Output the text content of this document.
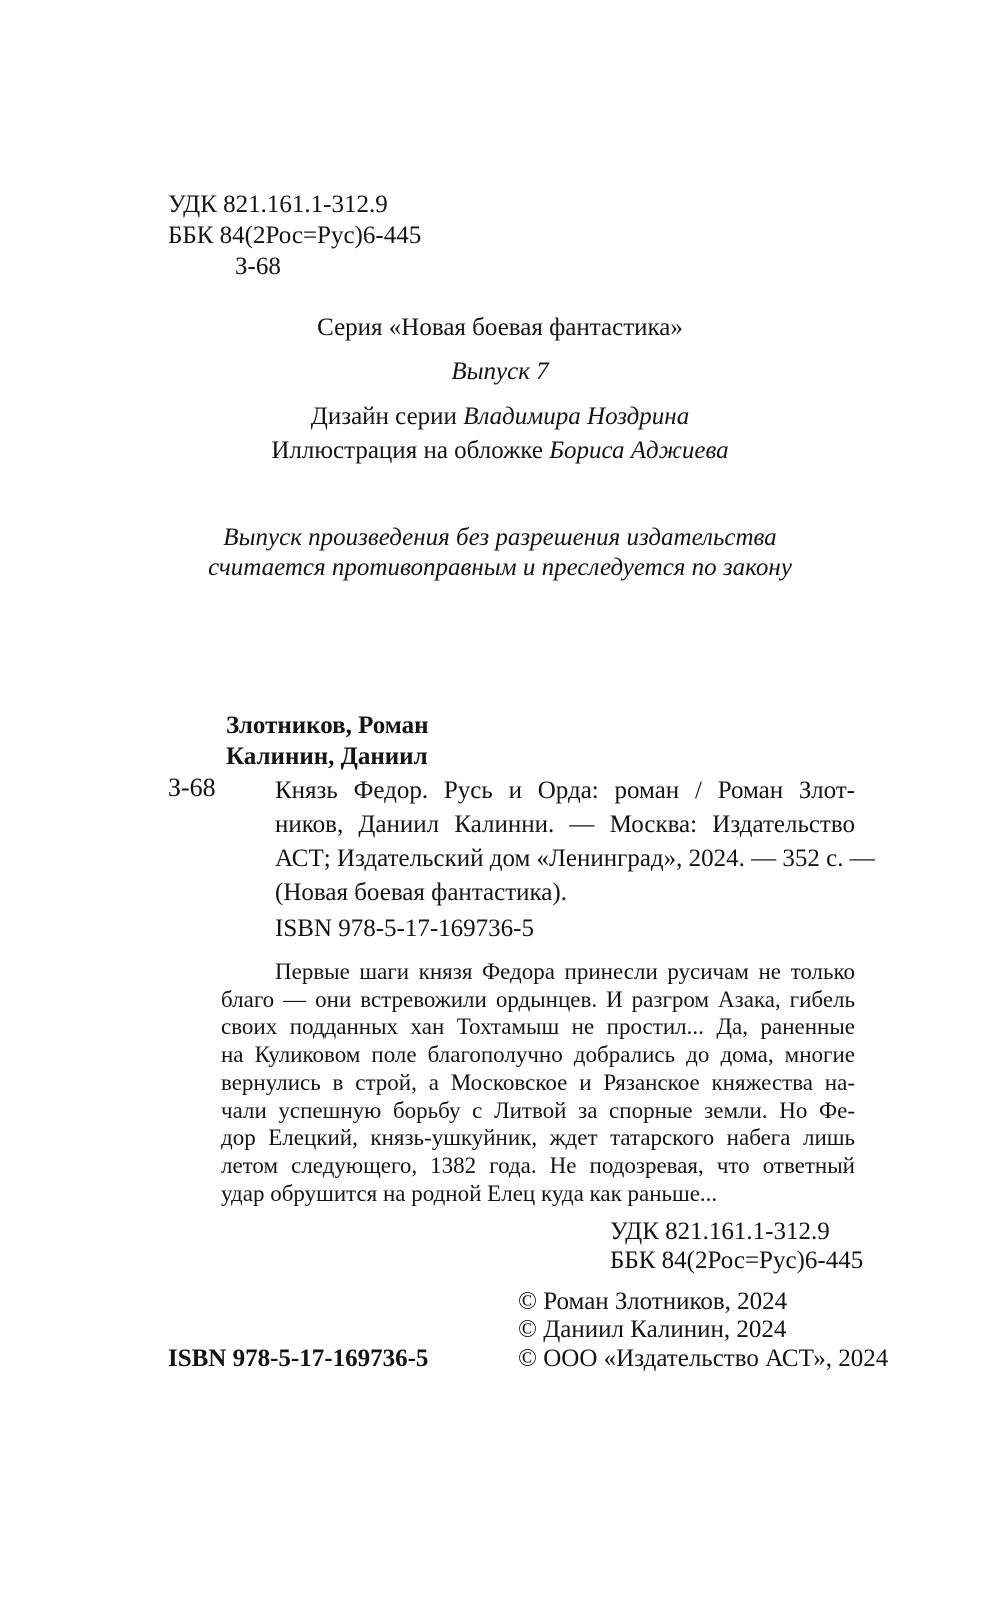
УДК 821.161.1-312.9
ББК 84(2Рос=Рус)6-445
З-68
Серия «Новая боевая фантастика»
Выпуск 7
Дизайн серии Владимира Ноздрина
Иллюстрация на обложке Бориса Аджиева
Выпуск произведения без разрешения издательства
считается противоправным и преследуется по закону
Злотников, Роман
Калинин, Даниил
З-68 Князь Федор. Русь и Орда: роман / Роман Злот-
ников, Даниил Калинни. — Москва: Издательство
АСТ; Издательский дом «Ленинград», 2024. — 352 с. —
(Новая боевая фантастика).
ISBN 978-5-17-169736-5
Первые шаги князя Федора принесли русичам не только
благо — они встревожили ордынцев. И разгром Азака, гибель
своих подданных хан Тохтамыш не простил... Да, раненные
на Куликовом поле благополучно добрались до дома, многие
вернулись в строй, а Московское и Рязанское княжества на-
чали успешную борьбу с Литвой за спорные земли. Но Фе-
дор Елецкий, князь-ушкуйник, ждет татарского набега лишь
летом следующего, 1382 года. Не подозревая, что ответный
удар обрушится на родной Елец куда как раньше...
УДК 821.161.1-312.9
ББК 84(2Рос=Рус)6-445
© Роман Злотников, 2024
© Даниил Калинин, 2024
© ООО «Издательство АСТ», 2024
ISBN 978-5-17-169736-5
